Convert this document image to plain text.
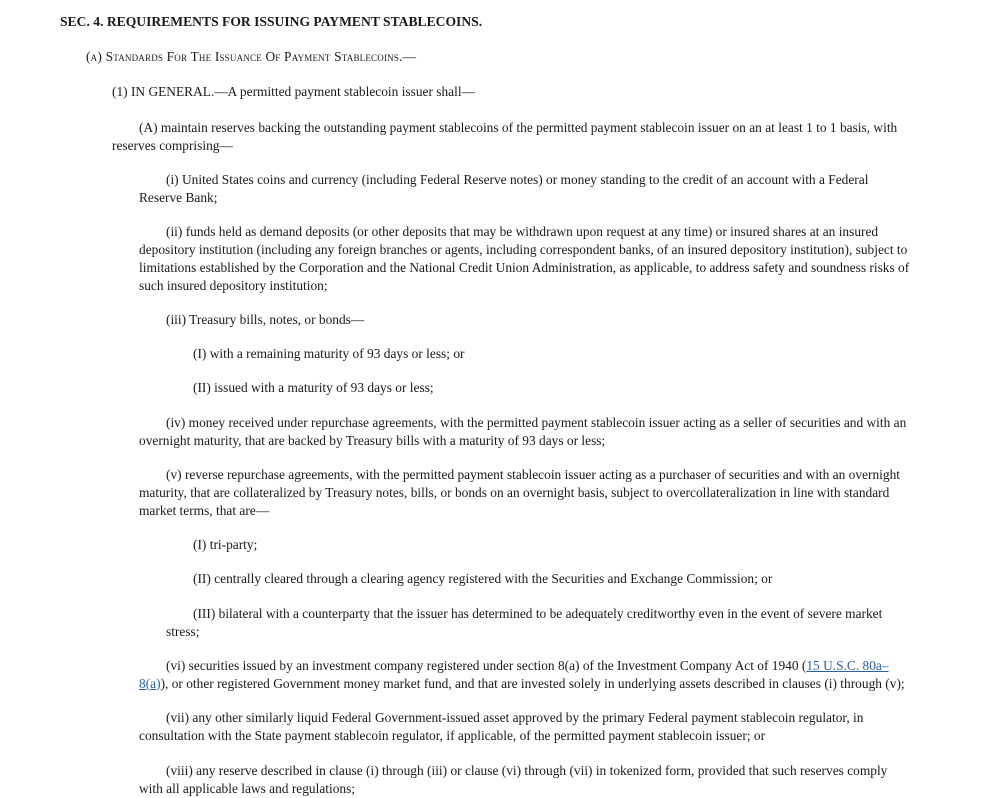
SEC. 4. REQUIREMENTS FOR ISSUING PAYMENT STABLECOINS.

(a) Standards For The Issuance Of Payment Stablecoins.—

(1) IN GENERAL.—A permitted payment stablecoin issuer shall—

(A) maintain reserves backing the outstanding payment stablecoins of the permitted payment stablecoin issuer on an at least 1 to 1 basis, with

reserves comprising—

(i) United States coins and currency (including Federal Reserve notes) or money standing to the credit of an account with a Federal

Reserve Bank;

(ii) funds held as demand deposits (or other deposits that may be withdrawn upon request at any time) or insured shares at an insured

depository institution (including any foreign branches or agents, including correspondent banks, of an insured depository institution), subject to

limitations established by the Corporation and the National Credit Union Administration, as applicable, to address safety and soundness risks of

such insured depository institution;

(iii) Treasury bills, notes, or bonds—

(I) with a remaining maturity of 93 days or less; or

(II) issued with a maturity of 93 days or less;

(iv) money received under repurchase agreements, with the permitted payment stablecoin issuer acting as a seller of securities and with an

overnight maturity, that are backed by Treasury bills with a maturity of 93 days or less;

(v) reverse repurchase agreements, with the permitted payment stablecoin issuer acting as a purchaser of securities and with an overnight

maturity, that are collateralized by Treasury notes, bills, or bonds on an overnight basis, subject to overcollateralization in line with standard

market terms, that are—

(I) tri-party;

(II) centrally cleared through a clearing agency registered with the Securities and Exchange Commission; or

(III) bilateral with a counterparty that the issuer has determined to be adequately creditworthy even in the event of severe market

stress;

(vi) securities issued by an investment company registered under section 8(a) of the Investment Company Act of 1940 (15 U.S.C. 80a–

8(a)), or other registered Government money market fund, and that are invested solely in underlying assets described in clauses (i) through (v);

(vii) any other similarly liquid Federal Government-issued asset approved by the primary Federal payment stablecoin regulator, in

consultation with the State payment stablecoin regulator, if applicable, of the permitted payment stablecoin issuer; or

(viii) any reserve described in clause (i) through (iii) or clause (vi) through (vii) in tokenized form, provided that such reserves comply

with all applicable laws and regulations;
